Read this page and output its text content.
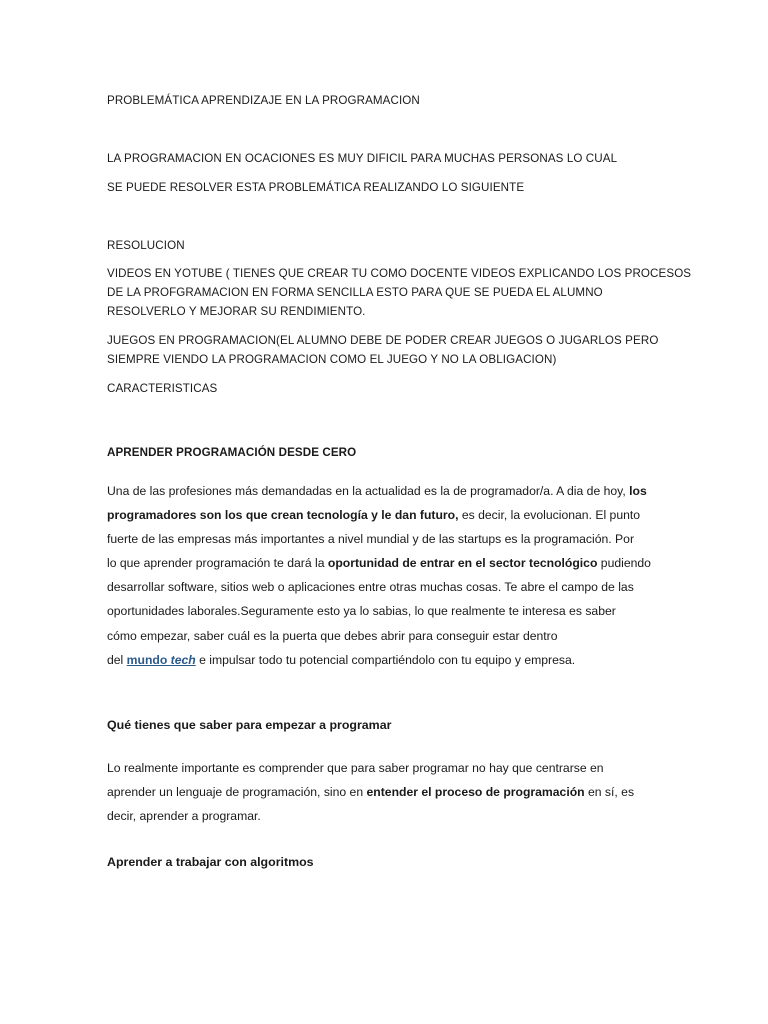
PROBLEMÁTICA APRENDIZAJE EN LA PROGRAMACION

LA PROGRAMACION EN OCACIONES ES MUY DIFICIL PARA MUCHAS PERSONAS LO CUAL

SE PUEDE RESOLVER ESTA PROBLEMÁTICA REALIZANDO LO SIGUIENTE

RESOLUCION

VIDEOS EN YOTUBE ( TIENES QUE CREAR TU COMO DOCENTE VIDEOS EXPLICANDO LOS PROCESOS

DE LA PROFGRAMACION EN FORMA SENCILLA ESTO PARA QUE SE PUEDA EL ALUMNO

RESOLVERLO Y MEJORAR SU RENDIMIENTO.

JUEGOS EN PROGRAMACION(EL ALUMNO DEBE DE PODER CREAR JUEGOS O JUGARLOS PERO

SIEMPRE VIENDO LA PROGRAMACION COMO EL JUEGO Y NO LA OBLIGACION)

CARACTERISTICAS

APRENDER PROGRAMACIÓN DESDE CERO

Una de las profesiones más demandadas en la actualidad es la de programador/a. A dia de hoy, los

programadores son los que crean tecnología y le dan futuro, es decir, la evolucionan. El punto

fuerte de las empresas más importantes a nivel mundial y de las startups es la programación. Por

lo que aprender programación te dará la oportunidad de entrar en el sector tecnológico pudiendo

desarrollar software, sitios web o aplicaciones entre otras muchas cosas. Te abre el campo de las

oportunidades laborales.Seguramente esto ya lo sabias, lo que realmente te interesa es saber

cómo empezar, saber cuál es la puerta que debes abrir para conseguir estar dentro

del mundo tech e impulsar todo tu potencial compartiéndolo con tu equipo y empresa.

Qué tienes que saber para empezar a programar

Lo realmente importante es comprender que para saber programar no hay que centrarse en

aprender un lenguaje de programación, sino en entender el proceso de programación en sí, es

decir, aprender a programar.

Aprender a trabajar con algoritmos
